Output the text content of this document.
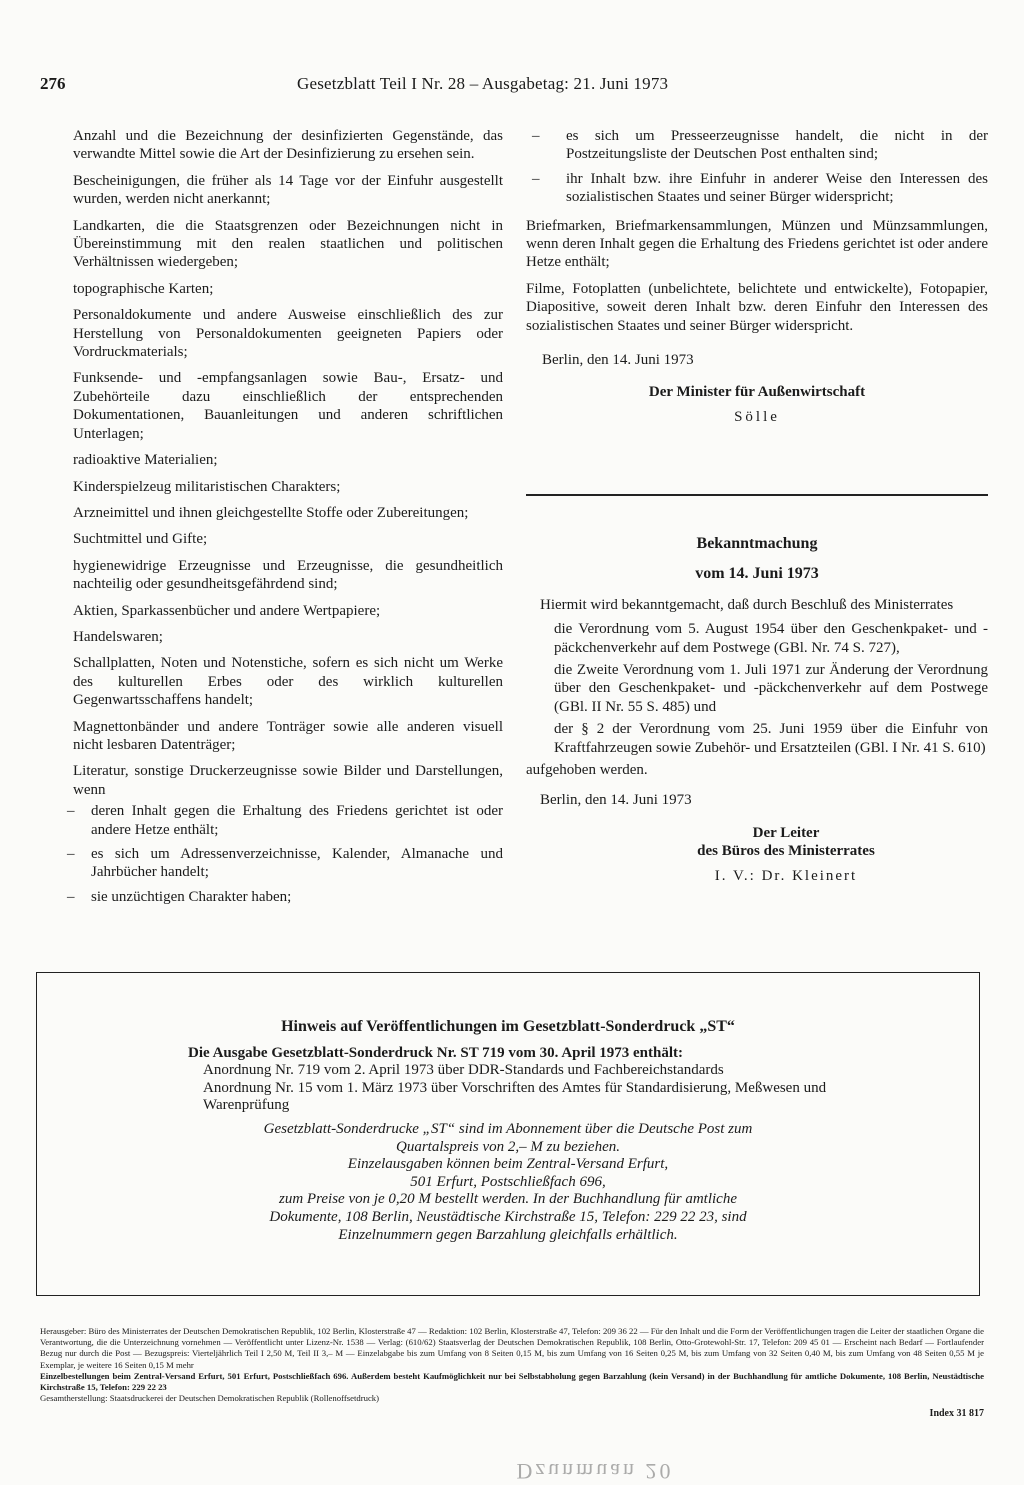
276	Gesetzblatt Teil I Nr. 28 – Ausgabetag: 21. Juni 1973

Anzahl und die Bezeichnung der desinfizierten Gegenstände, das verwandte Mittel sowie die Art der Desinfizierung zu ersehen sein.

Bescheinigungen, die früher als 14 Tage vor der Einfuhr ausgestellt wurden, werden nicht anerkannt;

Landkarten, die die Staatsgrenzen oder Bezeichnungen nicht in Übereinstimmung mit den realen staatlichen und politischen Verhältnissen wiedergeben;

topographische Karten;

Personaldokumente und andere Ausweise einschließlich des zur Herstellung von Personaldokumenten geeigneten Papiers oder Vordruckmaterials;

Funksende- und -empfangsanlagen sowie Bau-, Ersatz- und Zubehörteile dazu einschließlich der entsprechenden Dokumentationen, Bauanleitungen und anderen schriftlichen Unterlagen;

radioaktive Materialien;

Kinderspielzeug militaristischen Charakters;

Arzneimittel und ihnen gleichgestellte Stoffe oder Zubereitungen;

Suchtmittel und Gifte;

hygienewidrige Erzeugnisse und Erzeugnisse, die gesundheitlich nachteilig oder gesundheitsgefährdend sind;

Aktien, Sparkassenbücher und andere Wertpapiere;

Handelswaren;

Schallplatten, Noten und Notenstiche, sofern es sich nicht um Werke des kulturellen Erbes oder des wirklich kulturellen Gegenwartsschaffens handelt;

Magnettonbänder und andere Tonträger sowie alle anderen visuell nicht lesbaren Datenträger;

Literatur, sonstige Druckerzeugnisse sowie Bilder und Darstellungen, wenn

– deren Inhalt gegen die Erhaltung des Friedens gerichtet ist oder andere Hetze enthält;
– es sich um Adressenverzeichnisse, Kalender, Almanache und Jahrbücher handelt;
– sie unzüchtigen Charakter haben;
– es sich um Presseerzeugnisse handelt, die nicht in der Postzeitungsliste der Deutschen Post enthalten sind;
– ihr Inhalt bzw. ihre Einfuhr in anderer Weise den Interessen des sozialistischen Staates und seiner Bürger widerspricht;

Briefmarken, Briefmarkensammlungen, Münzen und Münzsammlungen, wenn deren Inhalt gegen die Erhaltung des Friedens gerichtet ist oder andere Hetze enthält;

Filme, Fotoplatten (unbelichtete, belichtete und entwickelte), Fotopapier, Diapositive, soweit deren Inhalt bzw. deren Einfuhr den Interessen des sozialistischen Staates und seiner Bürger widerspricht.

Berlin, den 14. Juni 1973

Der Minister für Außenwirtschaft

Sölle

Bekanntmachung

vom 14. Juni 1973

Hiermit wird bekanntgemacht, daß durch Beschluß des Ministerrates

die Verordnung vom 5. August 1954 über den Geschenkpaket- und -päckchenverkehr auf dem Postwege (GBl. Nr. 74 S. 727),

die Zweite Verordnung vom 1. Juli 1971 zur Änderung der Verordnung über den Geschenkpaket- und -päckchenverkehr auf dem Postwege (GBl. II Nr. 55 S. 485) und

der § 2 der Verordnung vom 25. Juni 1959 über die Einfuhr von Kraftfahrzeugen sowie Zubehör- und Ersatzteilen (GBl. I Nr. 41 S. 610)

aufgehoben werden.

Berlin, den 14. Juni 1973

Der Leiter

des Büros des Ministerrates

I. V.: Dr. Kleinert

Hinweis auf Veröffentlichungen im Gesetzblatt-Sonderdruck „ST“
Die Ausgabe Gesetzblatt-Sonderdruck Nr. ST 719 vom 30. April 1973 enthält:
Anordnung Nr. 719 vom 2. April 1973 über DDR-Standards und Fachbereichstandards
Anordnung Nr. 15 vom 1. März 1973 über Vorschriften des Amtes für Standardisierung, Meßwesen und Warenprüfung
Gesetzblatt-Sonderdrucke „ST“ sind im Abonnement über die Deutsche Post zum
Quartalspreis von 2,– M zu beziehen.
Einzelausgaben können beim Zentral-Versand Erfurt,
501 Erfurt, Postschließfach 696,
zum Preise von je 0,20 M bestellt werden. In der Buchhandlung für amtliche
Dokumente, 108 Berlin, Neustädtische Kirchstraße 15, Telefon: 229 22 23, sind
Einzelnummern gegen Barzahlung gleichfalls erhältlich.

Herausgeber: Büro des Ministerrates der Deutschen Demokratischen Republik, 102 Berlin, Klosterstraße 47 — Redaktion: 102 Berlin, Klosterstraße 47, Telefon: 209 36 22 — Für den Inhalt und die Form der Veröffentlichungen tragen die Leiter der staatlichen Organe die Verantwortung, die die Unterzeichnung vornehmen — Veröffentlicht unter Lizenz-Nr. 1538 — Verlag: (610/62) Staatsverlag der Deutschen Demokratischen Republik, 108 Berlin, Otto-Grotewohl-Str. 17, Telefon: 209 45 01 — Erscheint nach Bedarf — Fortlaufender Bezug nur durch die Post — Bezugspreis: Vierteljährlich Teil I 2,50 M, Teil II 3,– M — Einzelabgabe bis zum Umfang von 8 Seiten 0,15 M, bis zum Umfang von 16 Seiten 0,25 M, bis zum Umfang von 32 Seiten 0,40 M, bis zum Umfang von 48 Seiten 0,55 M je Exemplar, je weitere 16 Seiten 0,15 M mehr

Einzelbestellungen beim Zentral-Versand Erfurt, 501 Erfurt, Postschließfach 696. Außerdem besteht Kaufmöglichkeit nur bei Selbstabholung gegen Barzahlung (kein Versand) in der Buchhandlung für amtliche Dokumente, 108 Berlin, Neustädtische Kirchstraße 15, Telefon: 229 22 23

Gesamtherstellung: Staatsdruckerei der Deutschen Demokratischen Republik (Rollenoffsetdruck)

Index 31 817
Dzunmuan 20
